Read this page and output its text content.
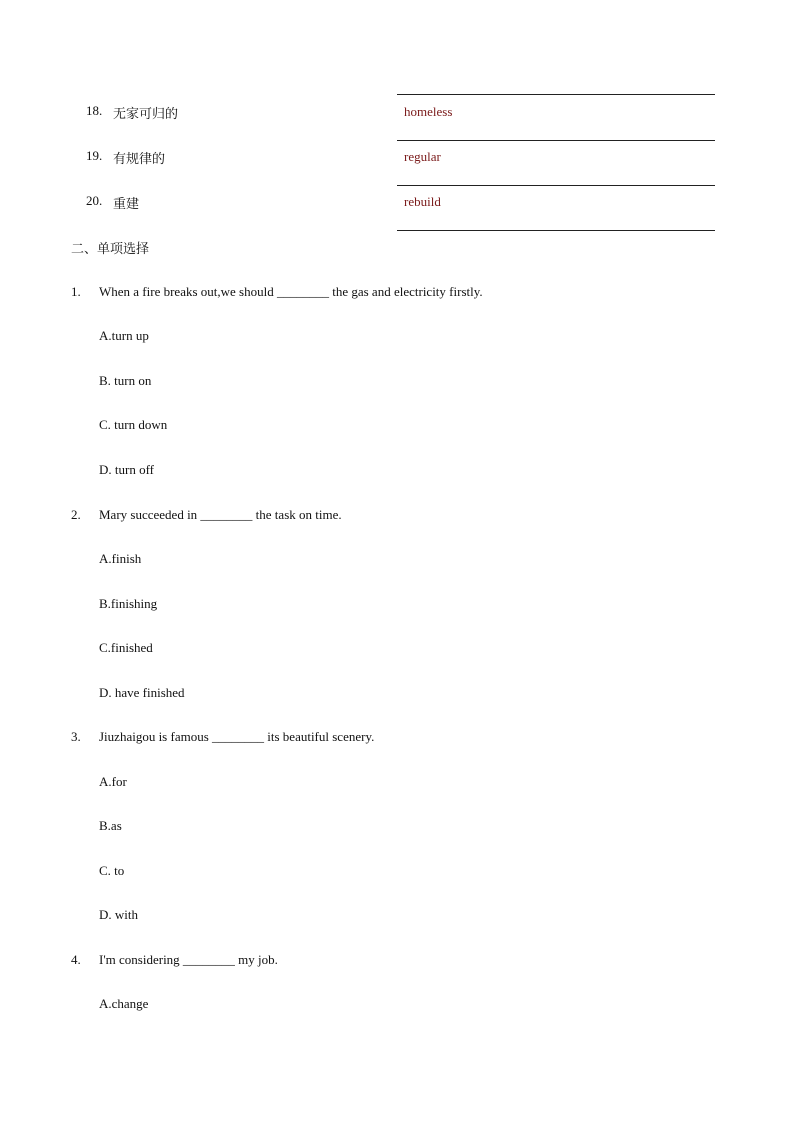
18. 无家可归的	homeless
19. 有规律的	regular
20. 重建	rebuild
二、单项选择
1. When a fire breaks out,we should ________ the gas and electricity firstly.
A.turn up
B. turn on
C. turn down
D. turn off
2. Mary succeeded in ________ the task on time.
A.finish
B.finishing
C.finished
D. have finished
3. Jiuzhaigou is famous ________ its beautiful scenery.
A.for
B.as
C. to
D. with
4. I'm considering ________ my job.
A.change
